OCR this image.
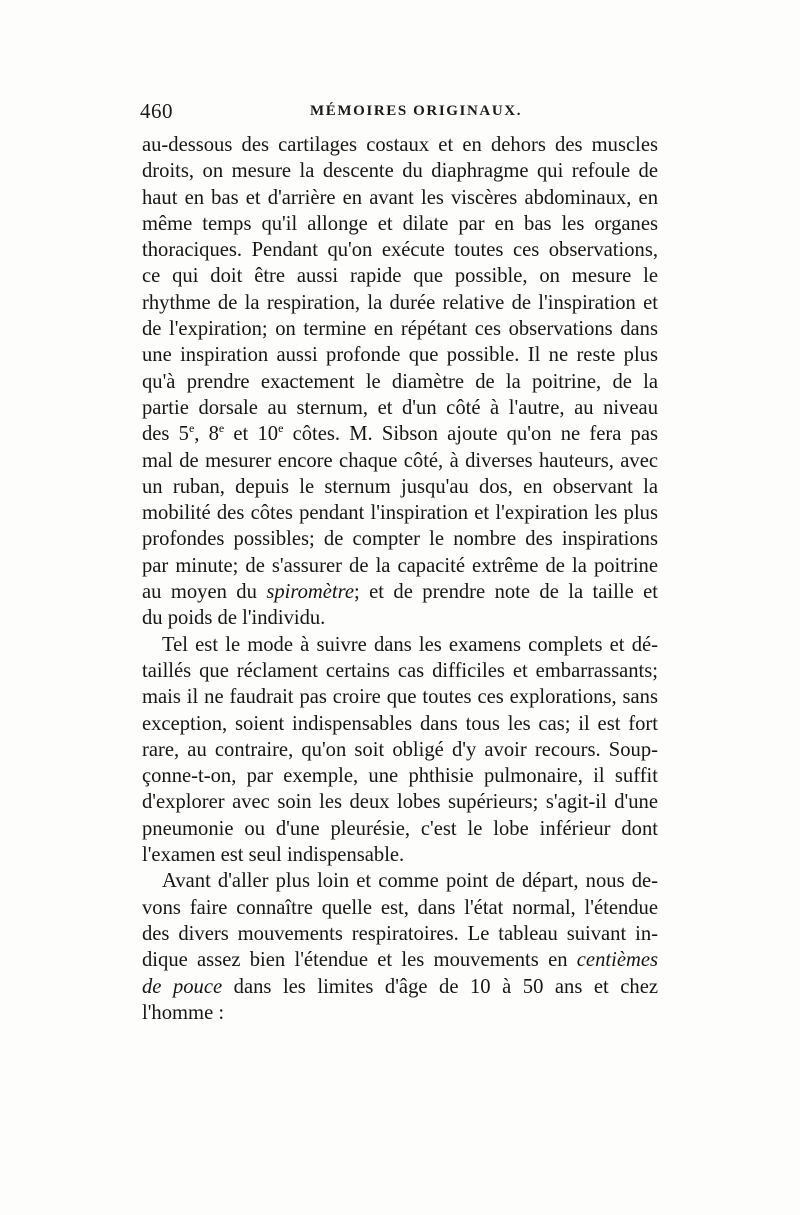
460	MÉMOIRES ORIGINAUX.
au-dessous des cartilages costaux et en dehors des muscles
droits, on mesure la descente du diaphragme qui refoule de
haut en bas et d'arrière en avant les viscères abdominaux, en
même temps qu'il allonge et dilate par en bas les organes
thoraciques. Pendant qu'on exécute toutes ces observations,
ce qui doit être aussi rapide que possible, on mesure le
rhythme de la respiration, la durée relative de l'inspiration et
de l'expiration; on termine en répétant ces observations dans
une inspiration aussi profonde que possible. Il ne reste plus
qu'à prendre exactement le diamètre de la poitrine, de la
partie dorsale au sternum, et d'un côté à l'autre, au niveau
des 5e, 8e et 10e côtes. M. Sibson ajoute qu'on ne fera pas
mal de mesurer encore chaque côté, à diverses hauteurs, avec
un ruban, depuis le sternum jusqu'au dos, en observant la
mobilité des côtes pendant l'inspiration et l'expiration les plus
profondes possibles; de compter le nombre des inspirations
par minute; de s'assurer de la capacité extrême de la poitrine
au moyen du spiromètre; et de prendre note de la taille et
du poids de l'individu.
Tel est le mode à suivre dans les examens complets et dé-
taillés que réclament certains cas difficiles et embarrassants;
mais il ne faudrait pas croire que toutes ces explorations, sans
exception, soient indispensables dans tous les cas; il est fort
rare, au contraire, qu'on soit obligé d'y avoir recours. Soup-
çonne-t-on, par exemple, une phthisie pulmonaire, il suffit
d'explorer avec soin les deux lobes supérieurs; s'agit-il d'une
pneumonie ou d'une pleurésie, c'est le lobe inférieur dont
l'examen est seul indispensable.
Avant d'aller plus loin et comme point de départ, nous de-
vons faire connaître quelle est, dans l'état normal, l'étendue
des divers mouvements respiratoires. Le tableau suivant in-
dique assez bien l'étendue et les mouvements en centièmes
de pouce dans les limites d'âge de 10 à 50 ans et chez
l'homme :
